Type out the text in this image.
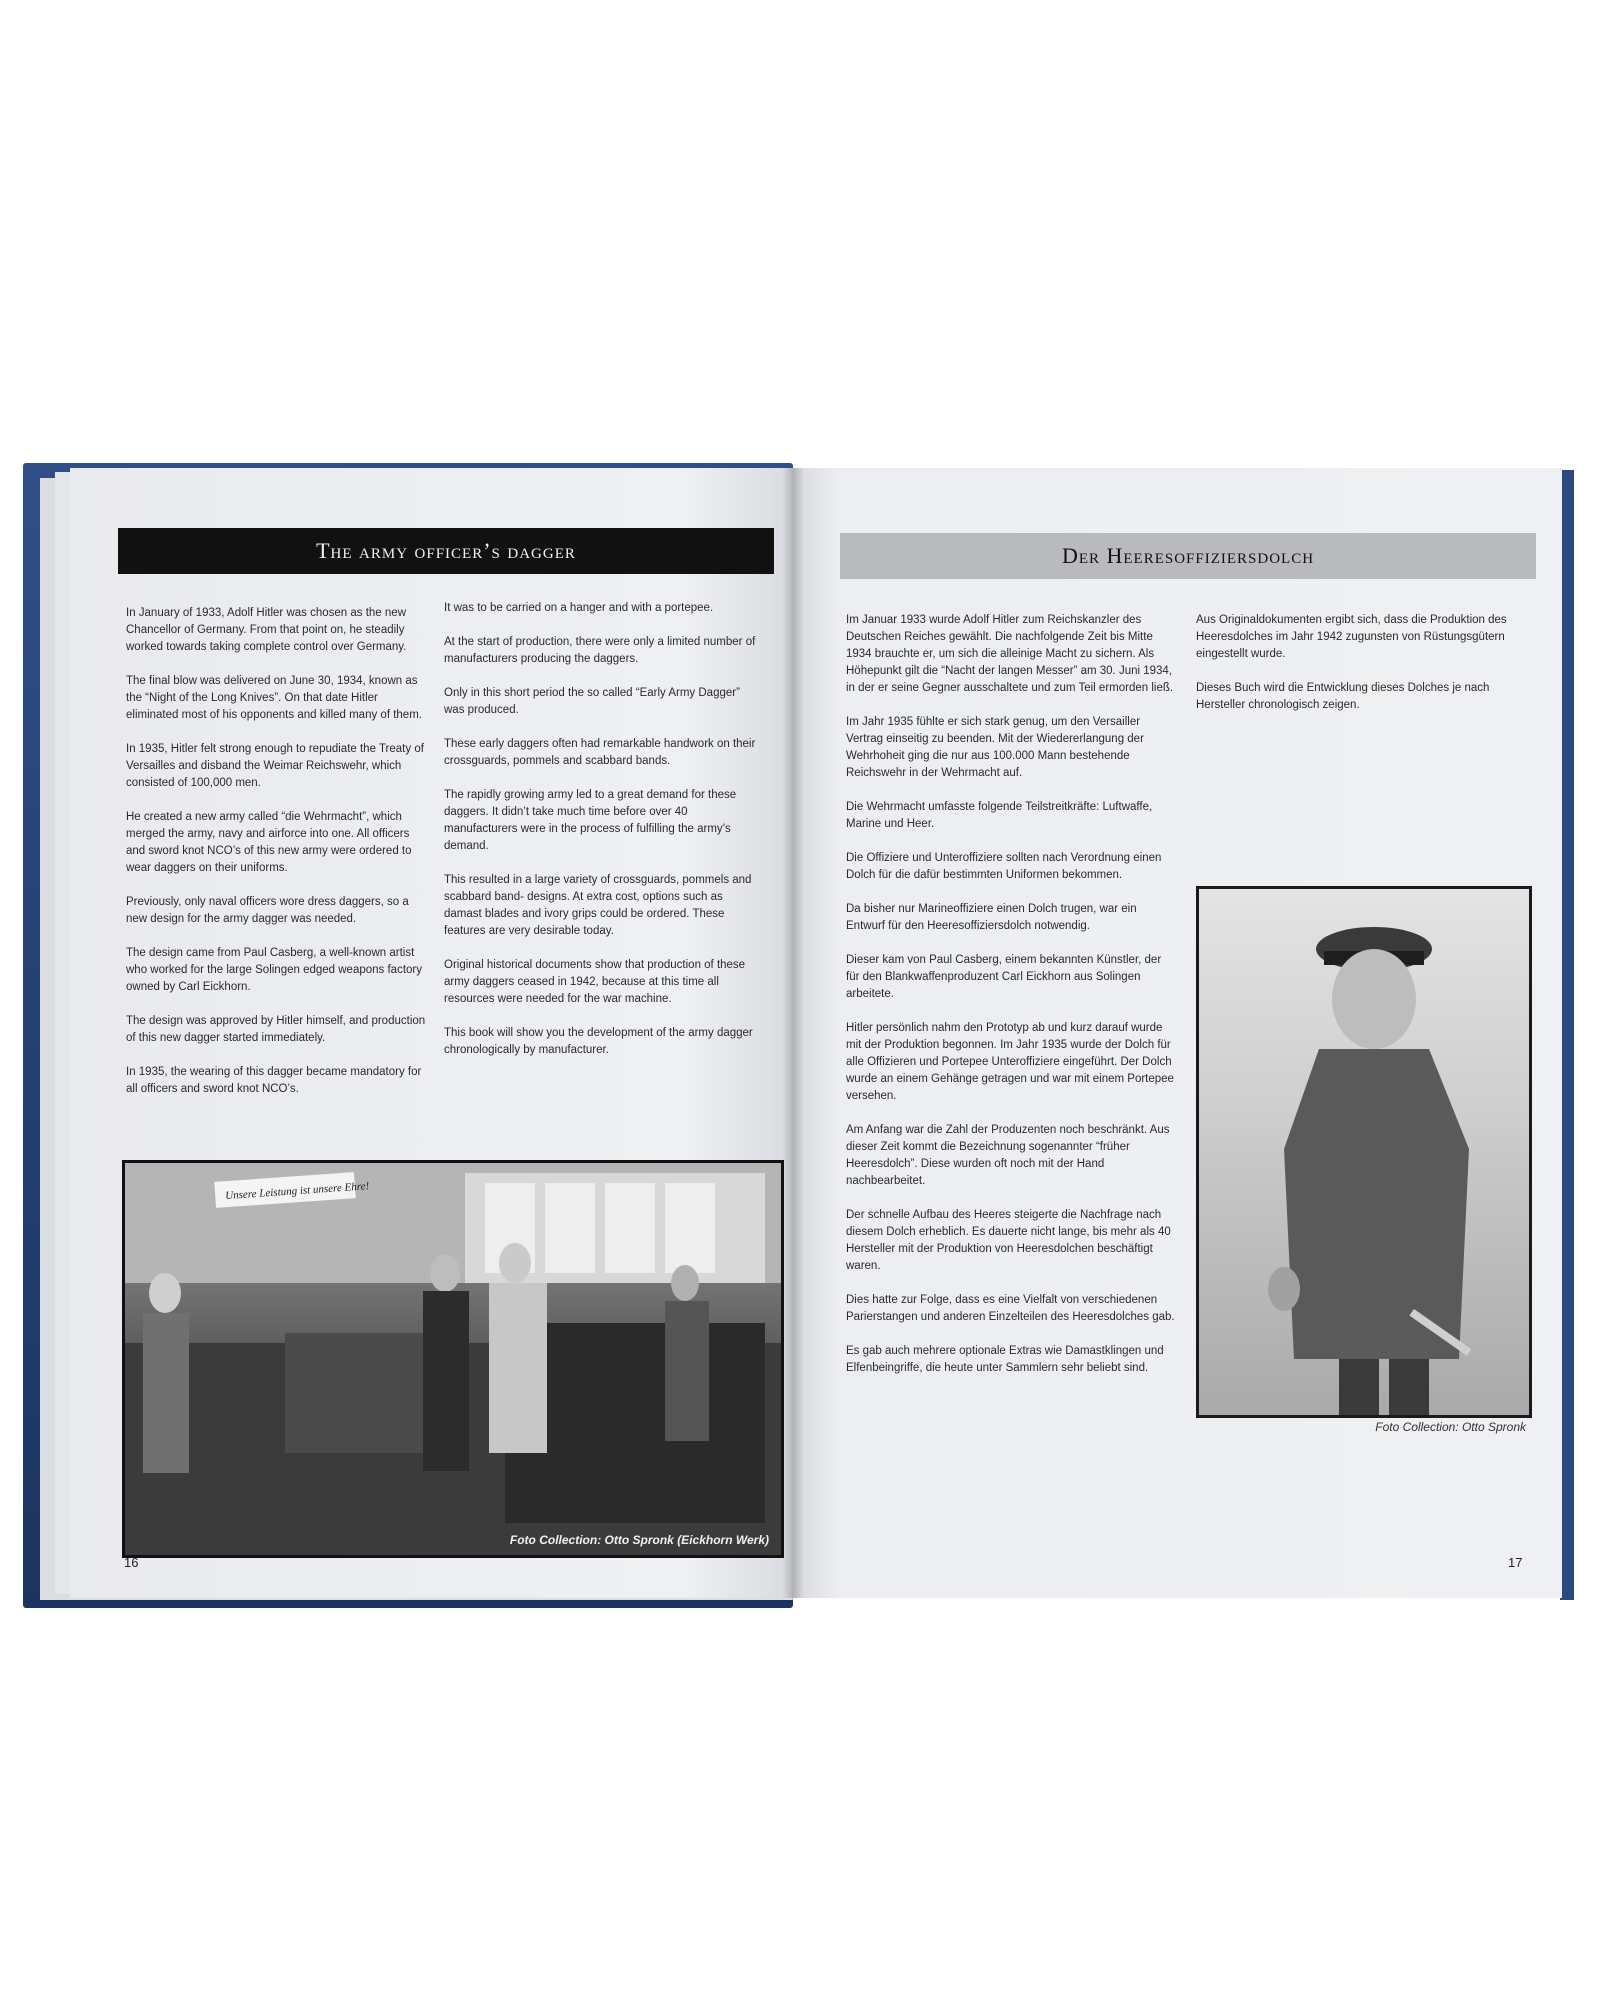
The army officer’s dagger

In January of 1933, Adolf Hitler was chosen as the new Chancellor of Germany. From that point on, he steadily worked towards taking complete control over Germany.

The final blow was delivered on June 30, 1934, known as the “Night of the Long Knives”. On that date Hitler eliminated most of his opponents and killed many of them.

In 1935, Hitler felt strong enough to repudiate the Treaty of Versailles and disband the Weimar Reichswehr, which consisted of 100,000 men.

He created a new army called “die Wehrmacht”, which merged the army, navy and airforce into one. All officers and sword knot NCO’s of this new army were ordered to wear daggers on their uniforms.

Previously, only naval officers wore dress daggers, so a new design for the army dagger was needed.

The design came from Paul Casberg, a well-known artist who worked for the large Solingen edged weapons factory owned by Carl Eickhorn.

The design was approved by Hitler himself, and production of this new dagger started immediately.

In 1935, the wearing of this dagger became mandatory for all officers and sword knot NCO’s.

It was to be carried on a hanger and with a portepee.

At the start of production, there were only a limited number of manufacturers producing the daggers.

Only in this short period the so called “Early Army Dagger” was produced.

These early daggers often had remarkable handwork on their crossguards, pommels and scabbard bands.

The rapidly growing army led to a great demand for these daggers. It didn’t take much time before over 40 manufacturers were in the process of fulfilling the army’s demand.

This resulted in a large variety of crossguards, pommels and scabbard band- designs. At extra cost, options such as damast blades and ivory grips could be ordered. These features are very desirable today.

Original historical documents show that production of these army daggers ceased in 1942, because at this time all resources were needed for the war machine.

This book will show you the development of the army dagger chronologically by manufacturer.

Unsere Leistung ist unsere Ehre!
Foto Collection: Otto Spronk (Eickhorn Werk)
16
Der Heeresoffiziersdolch

Im Januar 1933 wurde Adolf Hitler zum Reichskanzler des Deutschen Reiches gewählt. Die nachfolgende Zeit bis Mitte 1934 brauchte er, um sich die alleinige Macht zu sichern. Als Höhepunkt gilt die “Nacht der langen Messer” am 30. Juni 1934, in der er seine Gegner ausschaltete und zum Teil ermorden ließ.

Im Jahr 1935 fühlte er sich stark genug, um den Versailler Vertrag einseitig zu beenden. Mit der Wiedererlangung der Wehrhoheit ging die nur aus 100.000 Mann bestehende Reichswehr in der Wehrmacht auf.

Die Wehrmacht umfasste folgende Teilstreitkräfte: Luftwaffe, Marine und Heer.

Die Offiziere und Unteroffiziere sollten nach Verordnung einen Dolch für die dafür bestimmten Uniformen bekommen.

Da bisher nur Marineoffiziere einen Dolch trugen, war ein Entwurf für den Heeresoffiziersdolch notwendig.

Dieser kam von Paul Casberg, einem bekannten Künstler, der für den Blankwaffenproduzent Carl Eickhorn aus Solingen arbeitete.

Hitler persönlich nahm den Prototyp ab und kurz darauf wurde mit der Produktion begonnen. Im Jahr 1935 wurde der Dolch für alle Offizieren und Portepee Unteroffiziere eingeführt. Der Dolch wurde an einem Gehänge getragen und war mit einem Portepee versehen.

Am Anfang war die Zahl der Produzenten noch beschränkt. Aus dieser Zeit kommt die Bezeichnung sogenannter “früher Heeresdolch”. Diese wurden oft noch mit der Hand nachbearbeitet.

Der schnelle Aufbau des Heeres steigerte die Nachfrage nach diesem Dolch erheblich. Es dauerte nicht lange, bis mehr als 40 Hersteller mit der Produktion von Heeresdolchen beschäftigt waren.

Dies hatte zur Folge, dass es eine Vielfalt von verschiedenen Parierstangen und anderen Einzelteilen des Heeresdolches gab.

Es gab auch mehrere optionale Extras wie Damastklingen und Elfenbeingriffe, die heute unter Sammlern sehr beliebt sind.

Aus Originaldokumenten ergibt sich, dass die Produktion des Heeresdolches im Jahr 1942 zugunsten von Rüstungsgütern eingestellt wurde.

Dieses Buch wird die Entwicklung dieses Dolches je nach Hersteller chronologisch zeigen.

Foto Collection: Otto Spronk
17
